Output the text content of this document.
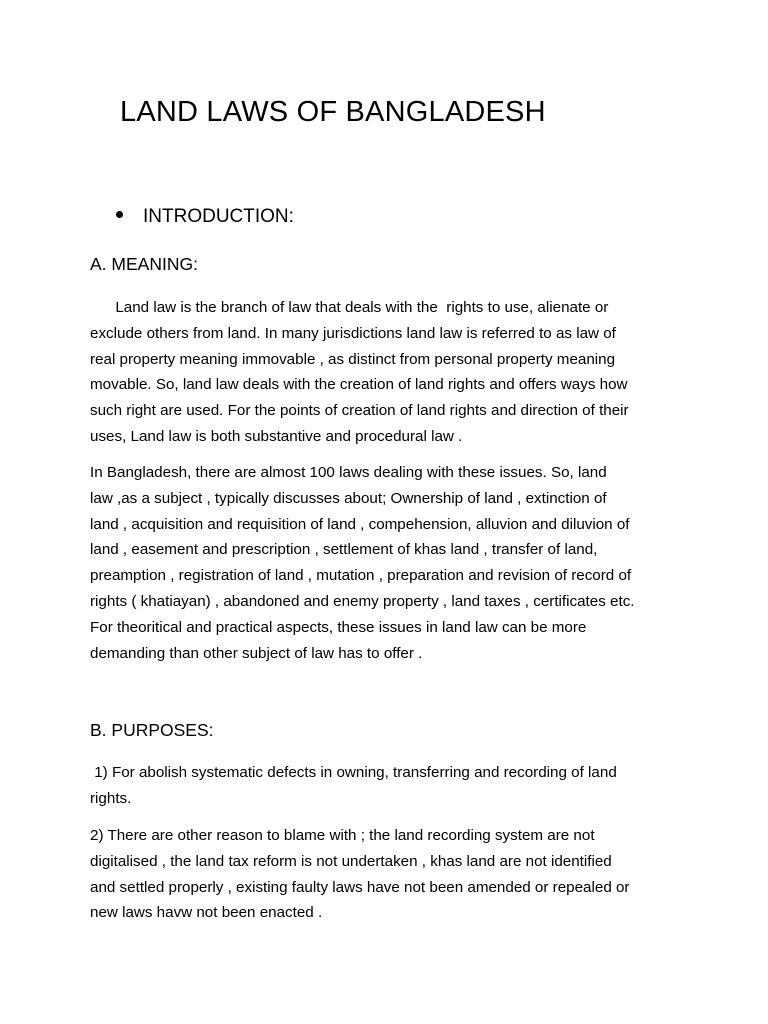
LAND LAWS OF BANGLADESH
INTRODUCTION:
A. MEANING:
Land law is the branch of law that deals with the  rights to use, alienate or
exclude others from land. In many jurisdictions land law is referred to as law of
real property meaning immovable , as distinct from personal property meaning
movable. So, land law deals with the creation of land rights and offers ways how
such right are used. For the points of creation of land rights and direction of their
uses, Land law is both substantive and procedural law .
In Bangladesh, there are almost 100 laws dealing with these issues. So, land
law ,as a subject , typically discusses about; Ownership of land , extinction of
land , acquisition and requisition of land , compehension, alluvion and diluvion of
land , easement and prescription , settlement of khas land , transfer of land,
preamption , registration of land , mutation , preparation and revision of record of
rights ( khatiayan) , abandoned and enemy property , land taxes , certificates etc.
For theoritical and practical aspects, these issues in land law can be more
demanding than other subject of law has to offer .
B. PURPOSES:
1) For abolish systematic defects in owning, transferring and recording of land
rights.
2) There are other reason to blame with ; the land recording system are not
digitalised , the land tax reform is not undertaken , khas land are not identified
and settled properly , existing faulty laws have not been amended or repealed or
new laws havw not been enacted .
